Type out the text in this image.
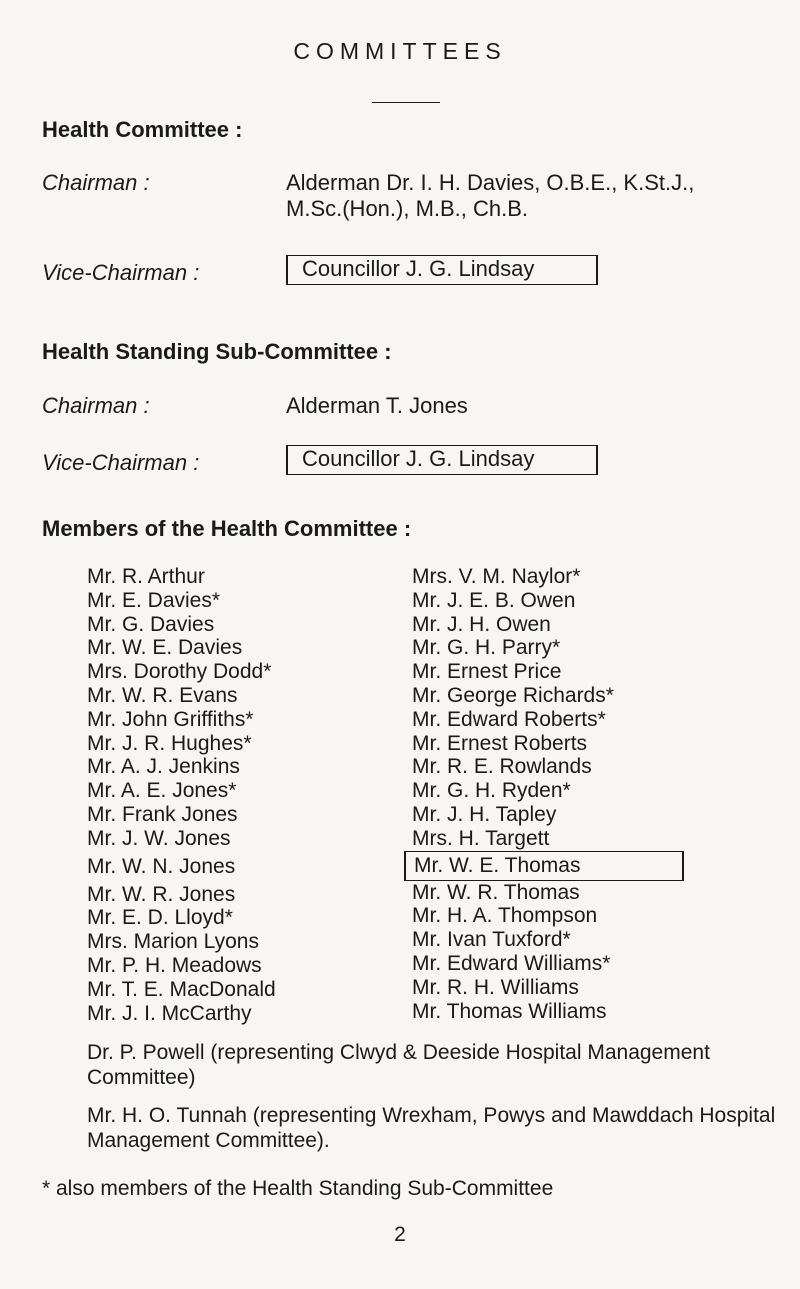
COMMITTEES
Health Committee :
Chairman :	Alderman Dr. I. H. Davies, O.B.E., K.St.J.,
M.Sc.(Hon.), M.B., Ch.B.
Vice-Chairman :	Councillor J. G. Lindsay
Health Standing Sub-Committee :
Chairman :	Alderman T. Jones
Vice-Chairman :	Councillor J. G. Lindsay
Members of the Health Committee :
Mr. R. Arthur
Mr. E. Davies*
Mr. G. Davies
Mr. W. E. Davies
Mrs. Dorothy Dodd*
Mr. W. R. Evans
Mr. John Griffiths*
Mr. J. R. Hughes*
Mr. A. J. Jenkins
Mr. A. E. Jones*
Mr. Frank Jones
Mr. J. W. Jones
Mr. W. N. Jones
Mr. W. R. Jones
Mr. E. D. Lloyd*
Mrs. Marion Lyons
Mr. P. H. Meadows
Mr. T. E. MacDonald
Mr. J. I. McCarthy
Mrs. V. M. Naylor*
Mr. J. E. B. Owen
Mr. J. H. Owen
Mr. G. H. Parry*
Mr. Ernest Price
Mr. George Richards*
Mr. Edward Roberts*
Mr. Ernest Roberts
Mr. R. E. Rowlands
Mr. G. H. Ryden*
Mr. J. H. Tapley
Mrs. H. Targett
Mr. W. E. Thomas
Mr. W. R. Thomas
Mr. H. A. Thompson
Mr. Ivan Tuxford*
Mr. Edward Williams*
Mr. R. H. Williams
Mr. Thomas Williams
Dr. P. Powell (representing Clwyd & Deeside Hospital Management Committee)
Mr. H. O. Tunnah (representing Wrexham, Powys and Mawddach Hospital Management Committee).
* also members of the Health Standing Sub-Committee
2
